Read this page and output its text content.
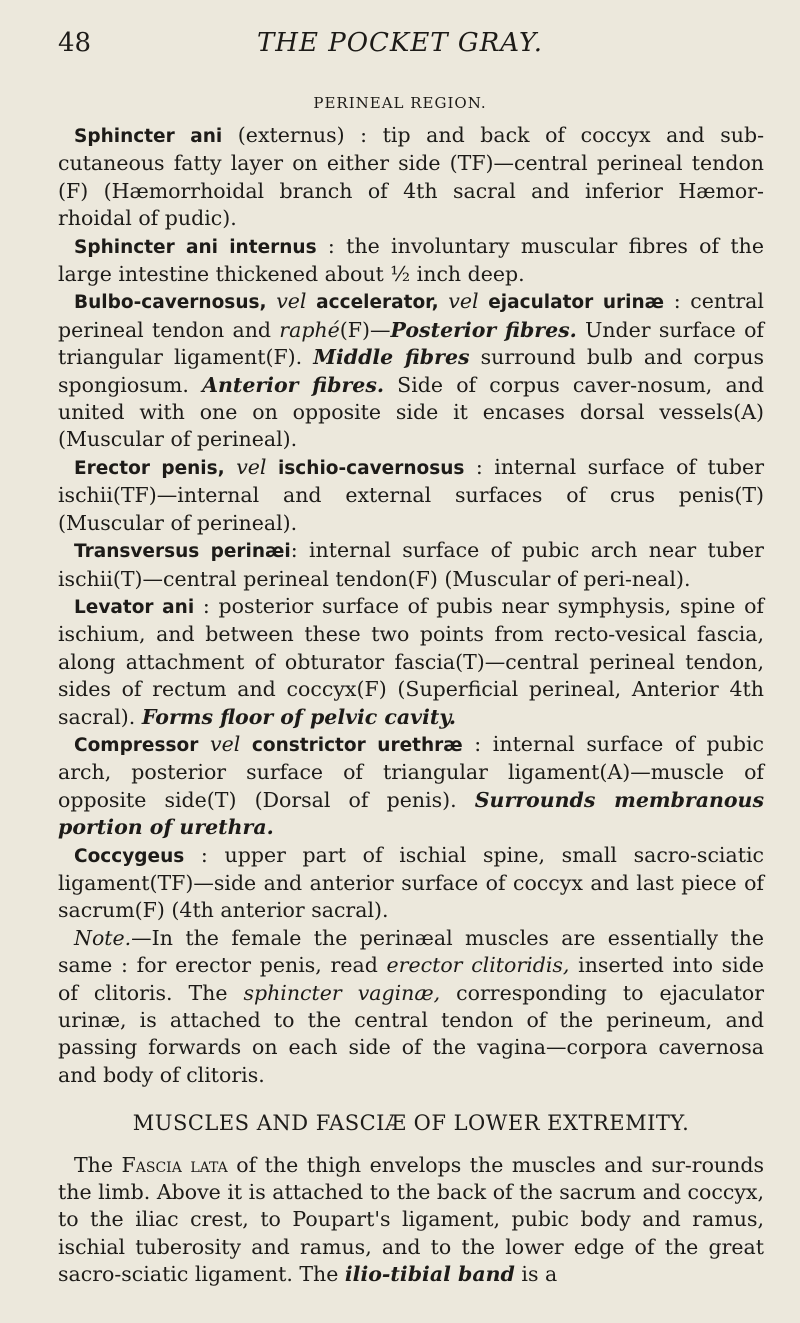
48	THE POCKET GRAY.
PERINEAL REGION.

Sphincter ani (externus) : tip and back of coccyx and sub-cutaneous fatty layer on either side (TF)—central perineal tendon (F) (Hæmorrhoidal branch of 4th sacral and inferior Hæmor-rhoidal of pudic).

Sphincter ani internus : the involuntary muscular fibres of the large intestine thickened about ½ inch deep.

Bulbo-cavernosus, vel accelerator, vel ejaculator urinæ : central perineal tendon and raphé(F)—Posterior fibres. Under surface of triangular ligament(F). Middle fibres surround bulb and corpus spongiosum. Anterior fibres. Side of corpus caver-nosum, and united with one on opposite side it encases dorsal vessels(A) (Muscular of perineal).

Erector penis, vel ischio-cavernosus : internal surface of tuber ischii(TF)—internal and external surfaces of crus penis(T) (Muscular of perineal).

Transversus perinæi: internal surface of pubic arch near tuber ischii(T)—central perineal tendon(F) (Muscular of peri-neal).

Levator ani : posterior surface of pubis near symphysis, spine of ischium, and between these two points from recto-vesical fascia, along attachment of obturator fascia(T)—central perineal tendon, sides of rectum and coccyx(F) (Superficial perineal, Anterior 4th sacral). Forms floor of pelvic cavity.

Compressor vel constrictor urethræ : internal surface of pubic arch, posterior surface of triangular ligament(A)—muscle of opposite side(T) (Dorsal of penis). Surrounds membranous portion of urethra.

Coccygeus : upper part of ischial spine, small sacro-sciatic ligament(TF)—side and anterior surface of coccyx and last piece of sacrum(F) (4th anterior sacral).

Note.—In the female the perinæal muscles are essentially the same : for erector penis, read erector clitoridis, inserted into side of clitoris. The sphincter vaginæ, corresponding to ejaculator urinæ, is attached to the central tendon of the perineum, and passing forwards on each side of the vagina—corpora cavernosa and body of clitoris.

MUSCLES AND FASCIÆ OF LOWER EXTREMITY.

The Fascia lata of the thigh envelops the muscles and sur-rounds the limb. Above it is attached to the back of the sacrum and coccyx, to the iliac crest, to Poupart's ligament, pubic body and ramus, ischial tuberosity and ramus, and to the lower edge of the great sacro-sciatic ligament. The ilio-tibial band is a
